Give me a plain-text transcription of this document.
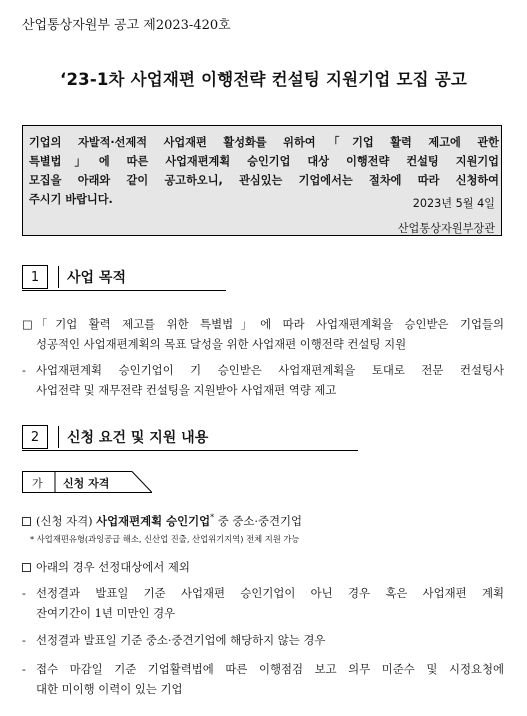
산업통상자원부 공고 제2023-420호
‘23-1차 사업재편 이행전략 컨설팅 지원기업 모집 공고
기업의 자발적·선제적 사업재편 활성화를 위하여「기업 활력 제고에 관한
특별법」에 따른 사업재편계획 승인기업 대상 이행전략 컨설팅 지원기업
모집을 아래와 같이 공고하오니, 관심있는 기업에서는 절차에 따라 신청하여
주시기 바랍니다.	2023년 5월 4일
산업통상자원부장관
1	사업 목적
□ 「기업 활력 제고를 위한 특별법」에 따라 사업재편계획을 승인받은 기업들의
성공적인 사업재편계획의 목표 달성을 위한 사업재편 이행전략 컨설팅 지원
- 사업재편계획 승인기업이 기 승인받은 사업재편계획을 토대로 전문 컨설팅사
사업전략 및 재무전략 컨설팅을 지원받아 사업재편 역량 제고
2	신청 요건 및 지원 내용
가 신청 자격
(신청 자격) 사업재편계획 승인기업* 중 중소·중견기업
* 사업재편유형(과잉공급 해소, 신산업 진출, 산업위기지역) 전체 지원 가능
아래의 경우 선정대상에서 제외
- 선정결과 발표일 기준 사업재편 승인기업이 아닌 경우 혹은 사업재편 계획
잔여기간이 1년 미만인 경우
- 선정결과 발표일 기준 중소·중견기업에 해당하지 않는 경우
- 접수 마감일 기준 기업활력법에 따른 이행점검 보고 의무 미준수 및 시정요청에
대한 미이행 이력이 있는 기업
